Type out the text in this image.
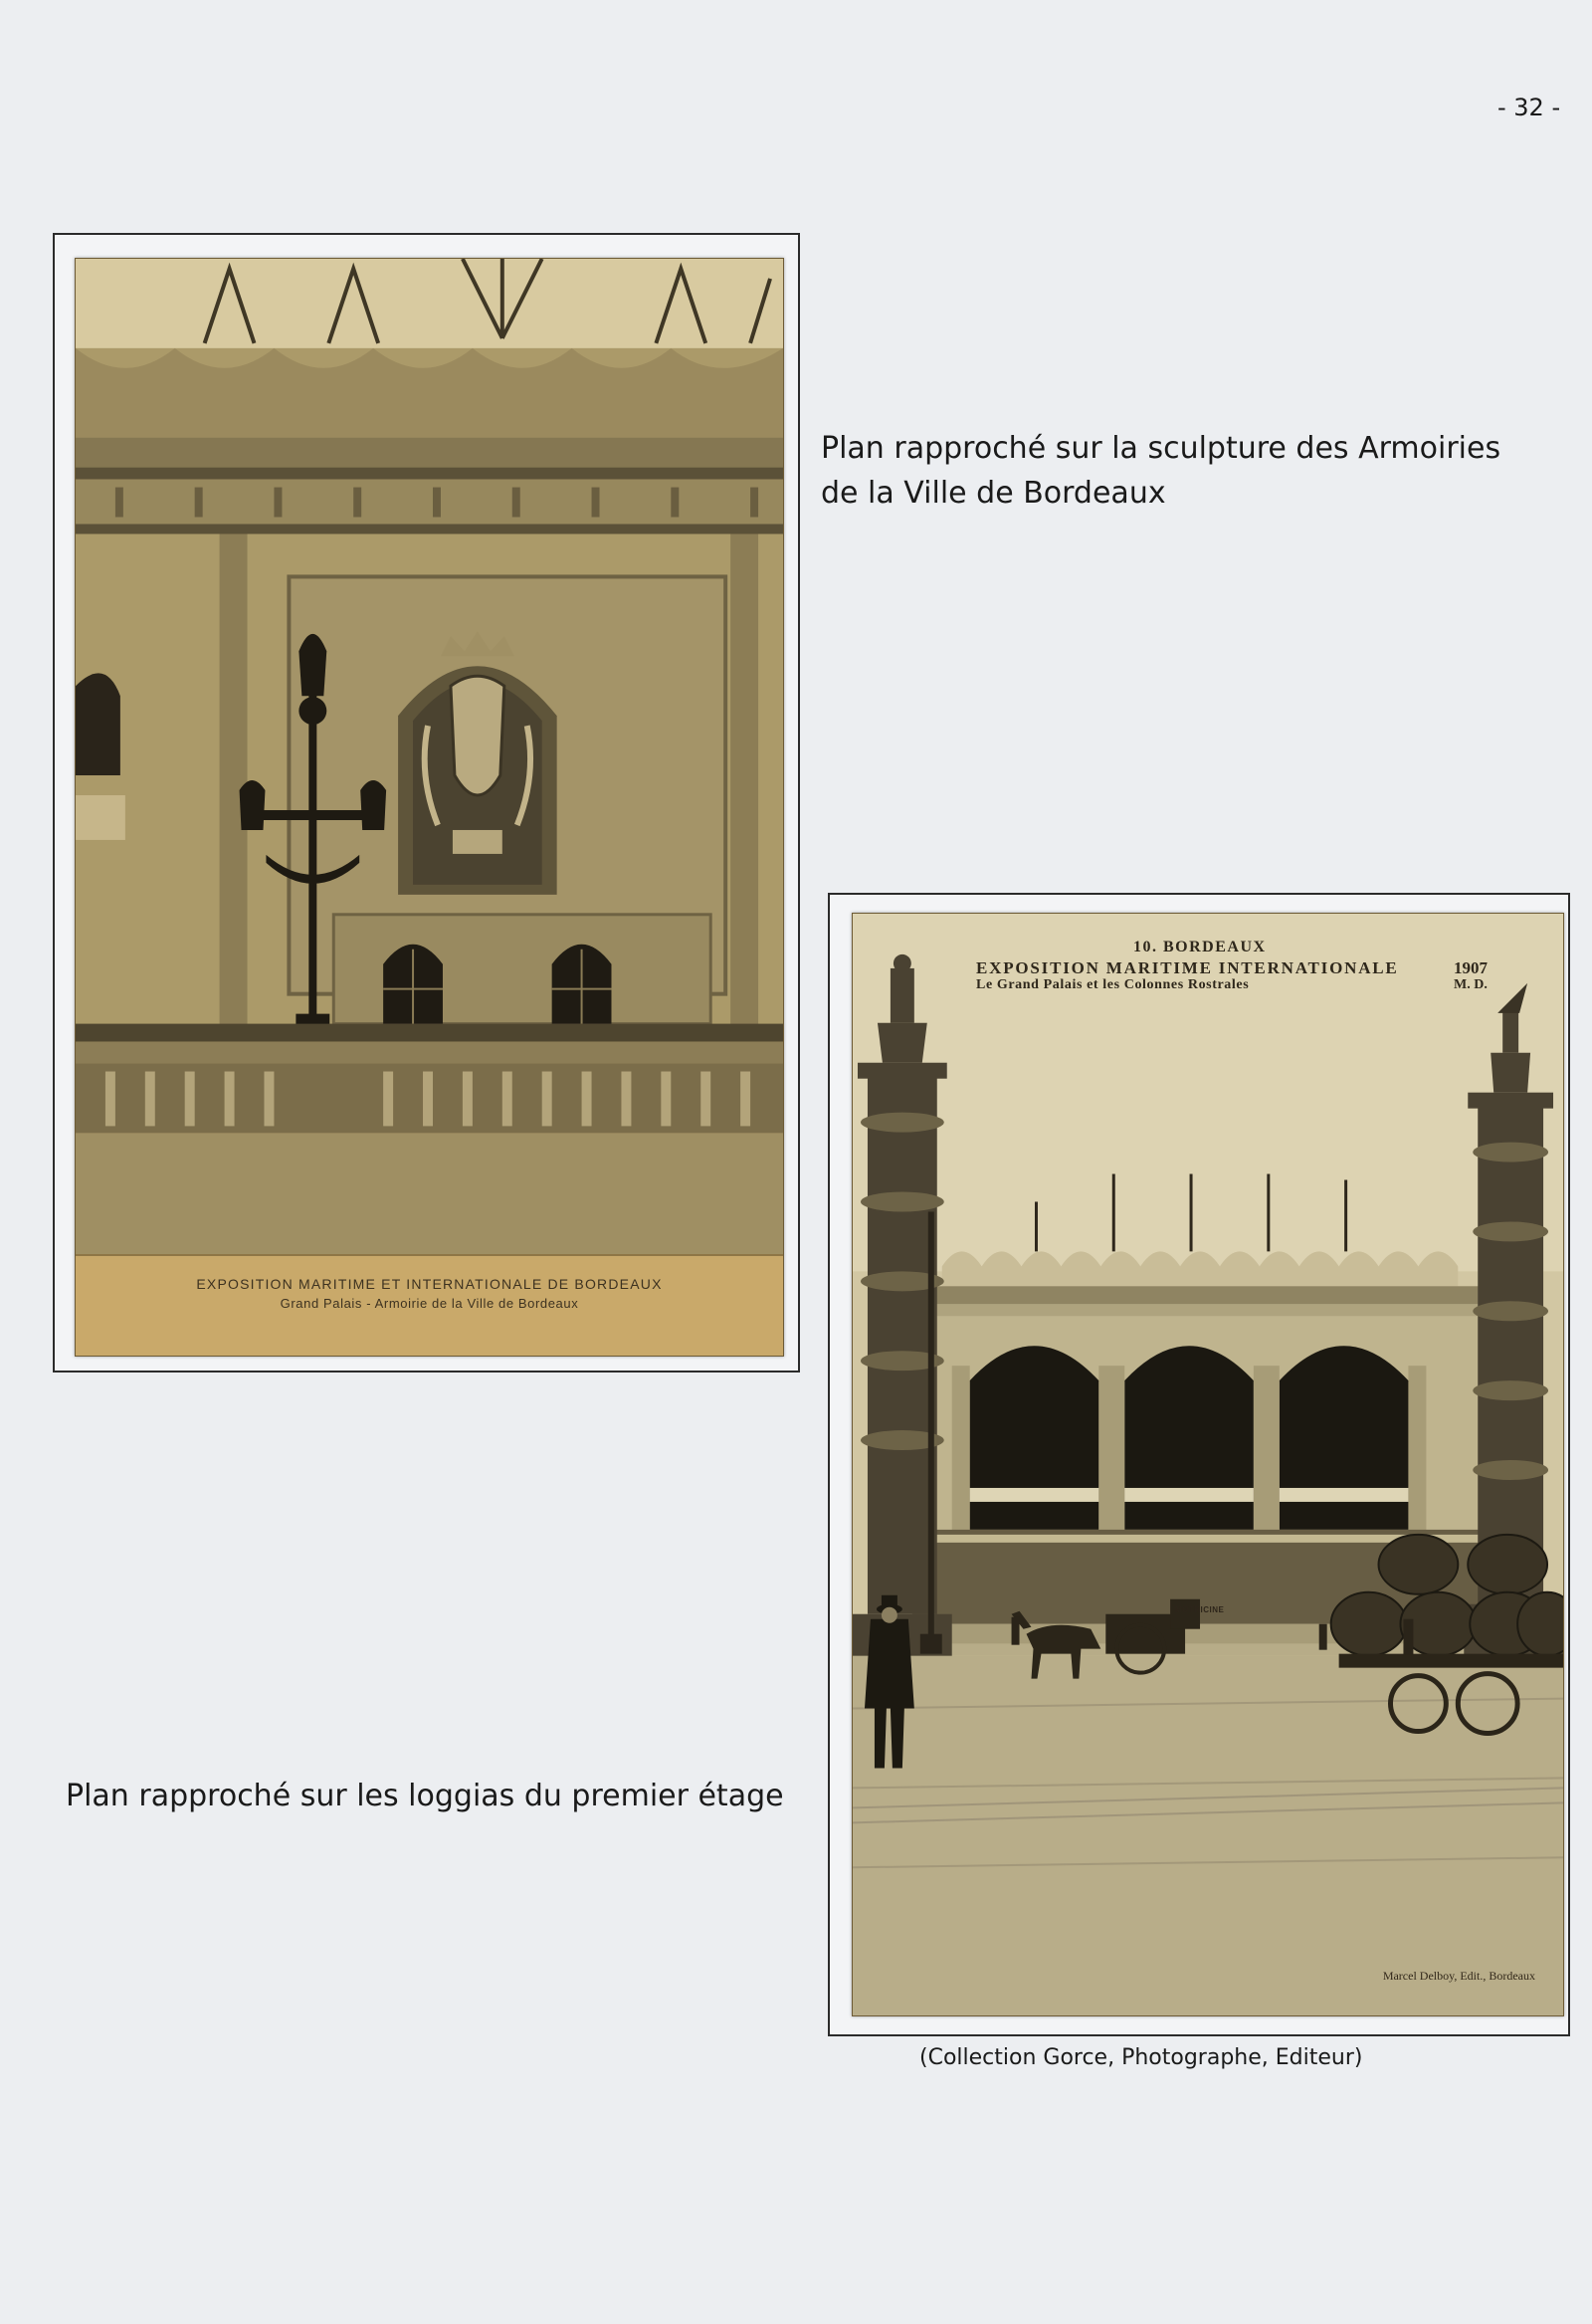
- 32 -

Plan rapproché sur la sculpture des Armoiries
de la Ville de Bordeaux

Plan rapproché sur les loggias du premier étage

EXPOSITION MARITIME ET INTERNATIONALE DE BORDEAUX
Grand Palais - Armoirie de la Ville de Bordeaux
10. BORDEAUX
EXPOSITION MARITIME INTERNATIONALE	1907
Le Grand Palais et les Colonnes Rostrales	M. D.
MOTRICINE
Marcel Delboy, Edit., Bordeaux
(Collection Gorce, Photographe, Editeur)
